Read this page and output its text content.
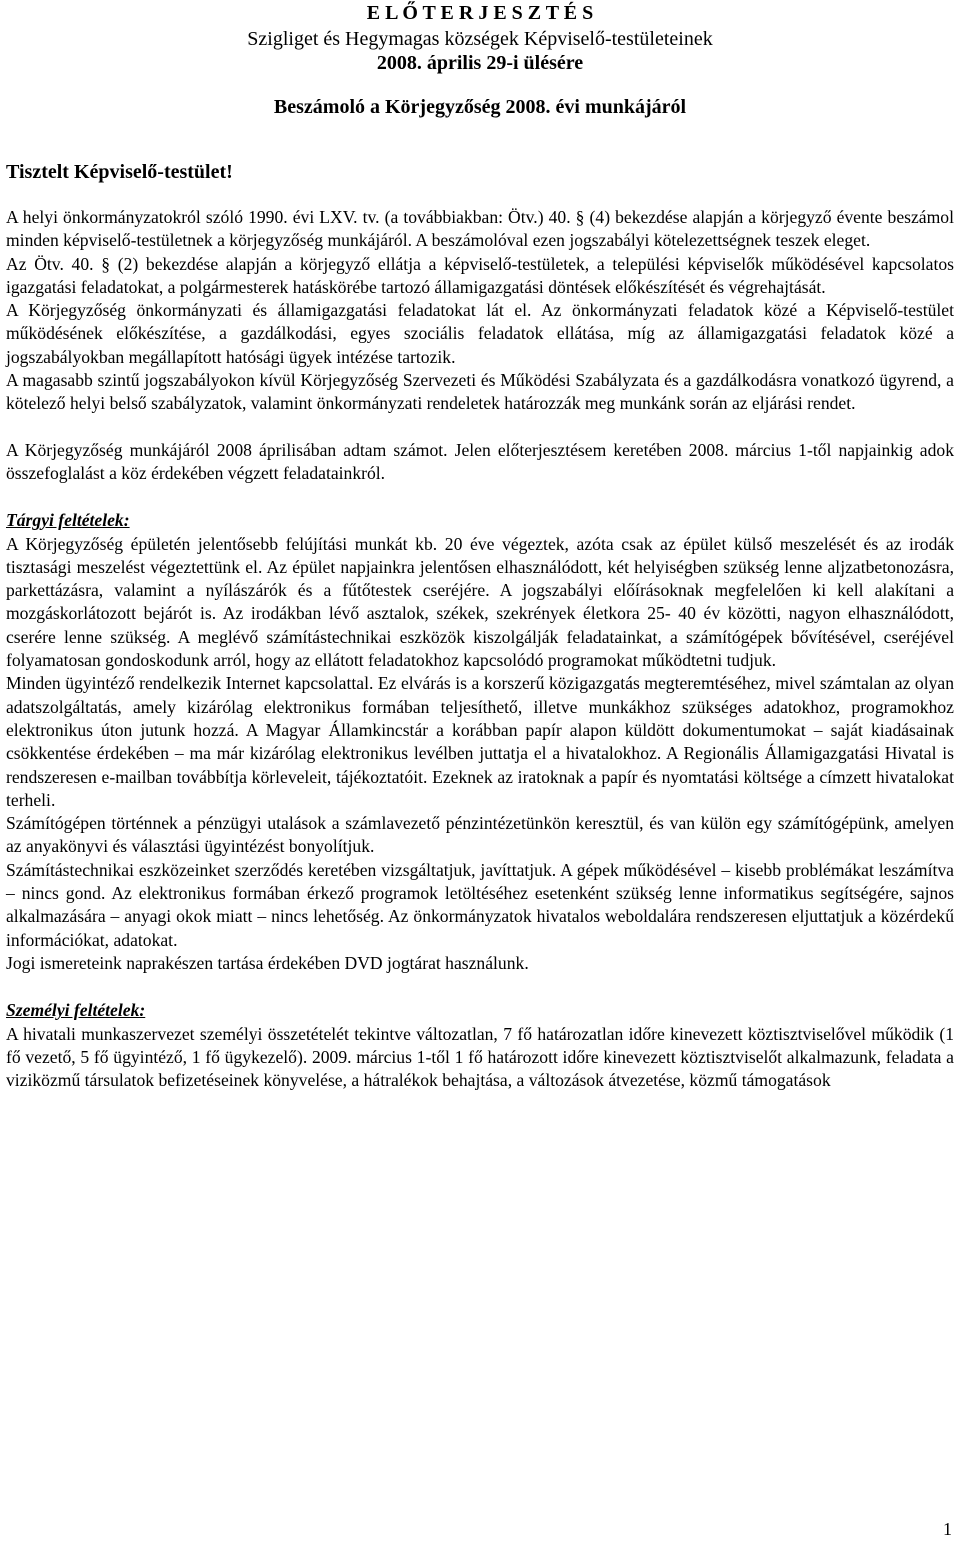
E L Ő T E R J E S Z T É S
Szigliget és Hegymagas községek Képviselő-testületeinek
2008. április 29-i ülésére
Beszámoló a Körjegyzőség 2008. évi munkájáról
Tisztelt Képviselő-testület!

A helyi önkormányzatokról szóló 1990. évi LXV. tv. (a továbbiakban: Ötv.) 40. § (4) bekezdése alapján a körjegyző évente beszámol minden képviselő-testületnek a körjegyzőség munkájáról. A beszámolóval ezen jogszabályi kötelezettségnek teszek eleget.

Az Ötv. 40. § (2) bekezdése alapján a körjegyző ellátja a képviselő-testületek, a települési képviselők működésével kapcsolatos igazgatási feladatokat, a polgármesterek hatáskörébe tartozó államigazgatási döntések előkészítését és végrehajtását.

A Körjegyzőség önkormányzati és államigazgatási feladatokat lát el. Az önkormányzati feladatok közé a Képviselő-testület működésének előkészítése, a gazdálkodási, egyes szociális feladatok ellátása, míg az államigazgatási feladatok közé a jogszabályokban megállapított hatósági ügyek intézése tartozik.

A magasabb szintű jogszabályokon kívül Körjegyzőség Szervezeti és Működési Szabályzata és a gazdálkodásra vonatkozó ügyrend, a kötelező helyi belső szabályzatok, valamint önkormányzati rendeletek határozzák meg munkánk során az eljárási rendet.

A Körjegyzőség munkájáról 2008 áprilisában adtam számot. Jelen előterjesztésem keretében 2008. március 1-től napjainkig adok összefoglalást a köz érdekében végzett feladatainkról.

Tárgyi feltételek:

A Körjegyzőség épületén jelentősebb felújítási munkát kb. 20 éve végeztek, azóta csak az épület külső meszelését és az irodák tisztasági meszelést végeztettünk el. Az épület napjainkra jelentősen elhasználódott, két helyiségben szükség lenne aljzatbetonozásra, parkettázásra, valamint a nyílászárók és a fűtőtestek cseréjére. A jogszabályi előírásoknak megfelelően ki kell alakítani a mozgáskorlátozott bejárót is. Az irodákban lévő asztalok, székek, szekrények életkora 25- 40 év közötti, nagyon elhasználódott, cserére lenne szükség. A meglévő számítástechnikai eszközök kiszolgálják feladatainkat, a számítógépek bővítésével, cseréjével folyamatosan gondoskodunk arról, hogy az ellátott feladatokhoz kapcsolódó programokat működtetni tudjuk.

Minden ügyintéző rendelkezik Internet kapcsolattal. Ez elvárás is a korszerű közigazgatás megteremtéséhez, mivel számtalan az olyan adatszolgáltatás, amely kizárólag elektronikus formában teljesíthető, illetve munkákhoz szükséges adatokhoz, programokhoz elektronikus úton jutunk hozzá. A Magyar Államkincstár a korábban papír alapon küldött dokumentumokat – saját kiadásainak csökkentése érdekében – ma már kizárólag elektronikus levélben juttatja el a hivatalokhoz. A Regionális Államigazgatási Hivatal is rendszeresen e-mailban továbbítja körleveleit, tájékoztatóit. Ezeknek az iratoknak a papír és nyomtatási költsége a címzett hivatalokat terheli.

Számítógépen történnek a pénzügyi utalások a számlavezető pénzintézetünkön keresztül, és van külön egy számítógépünk, amelyen az anyakönyvi és választási ügyintézést bonyolítjuk.

Számítástechnikai eszközeinket szerződés keretében vizsgáltatjuk, javíttatjuk. A gépek működésével – kisebb problémákat leszámítva – nincs gond. Az elektronikus formában érkező programok letöltéséhez esetenként szükség lenne informatikus segítségére, sajnos alkalmazására – anyagi okok miatt – nincs lehetőség. Az önkormányzatok hivatalos weboldalára rendszeresen eljuttatjuk a közérdekű információkat, adatokat.

Jogi ismereteink naprakészen tartása érdekében DVD jogtárat használunk.

Személyi feltételek:

A hivatali munkaszervezet személyi összetételét tekintve változatlan, 7 fő határozatlan időre kinevezett köztisztviselővel működik (1 fő vezető, 5 fő ügyintéző, 1 fő ügykezelő). 2009. március 1-től 1 fő határozott időre kinevezett köztisztviselőt alkalmazunk, feladata a viziközmű társulatok befizetéseinek könyvelése, a hátralékok behajtása, a változások átvezetése, közmű támogatások

1
